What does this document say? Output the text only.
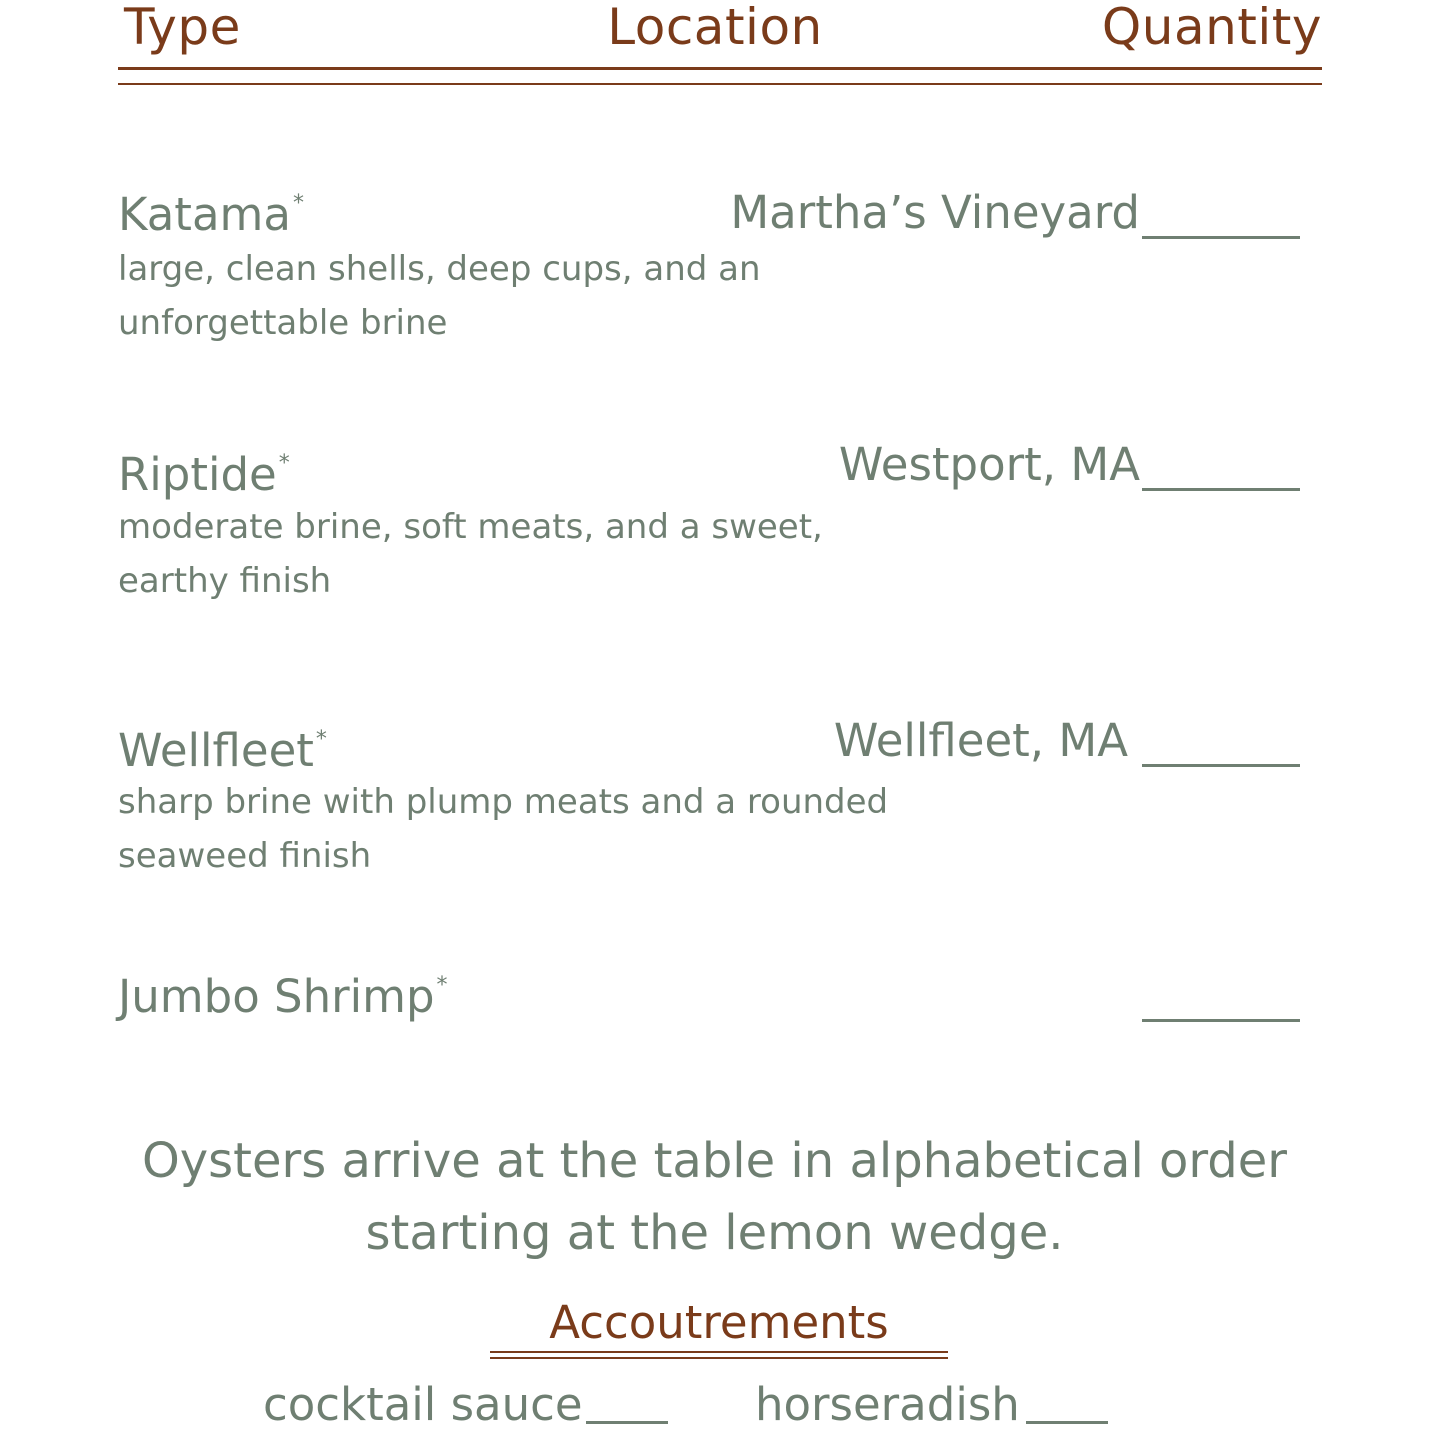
Type	Location	Quantity
Katama*	Martha’s Vineyard
large, clean shells, deep cups, and an
unforgettable brine
Riptide*	Westport, MA
moderate brine, soft meats, and a sweet,
earthy finish
Wellfleet*	Wellfleet, MA
sharp brine with plump meats and a rounded
seaweed finish
Jumbo Shrimp*
Oysters arrive at the table in alphabetical order
starting at the lemon wedge.
Accoutrements
cocktail sauce	horseradish
